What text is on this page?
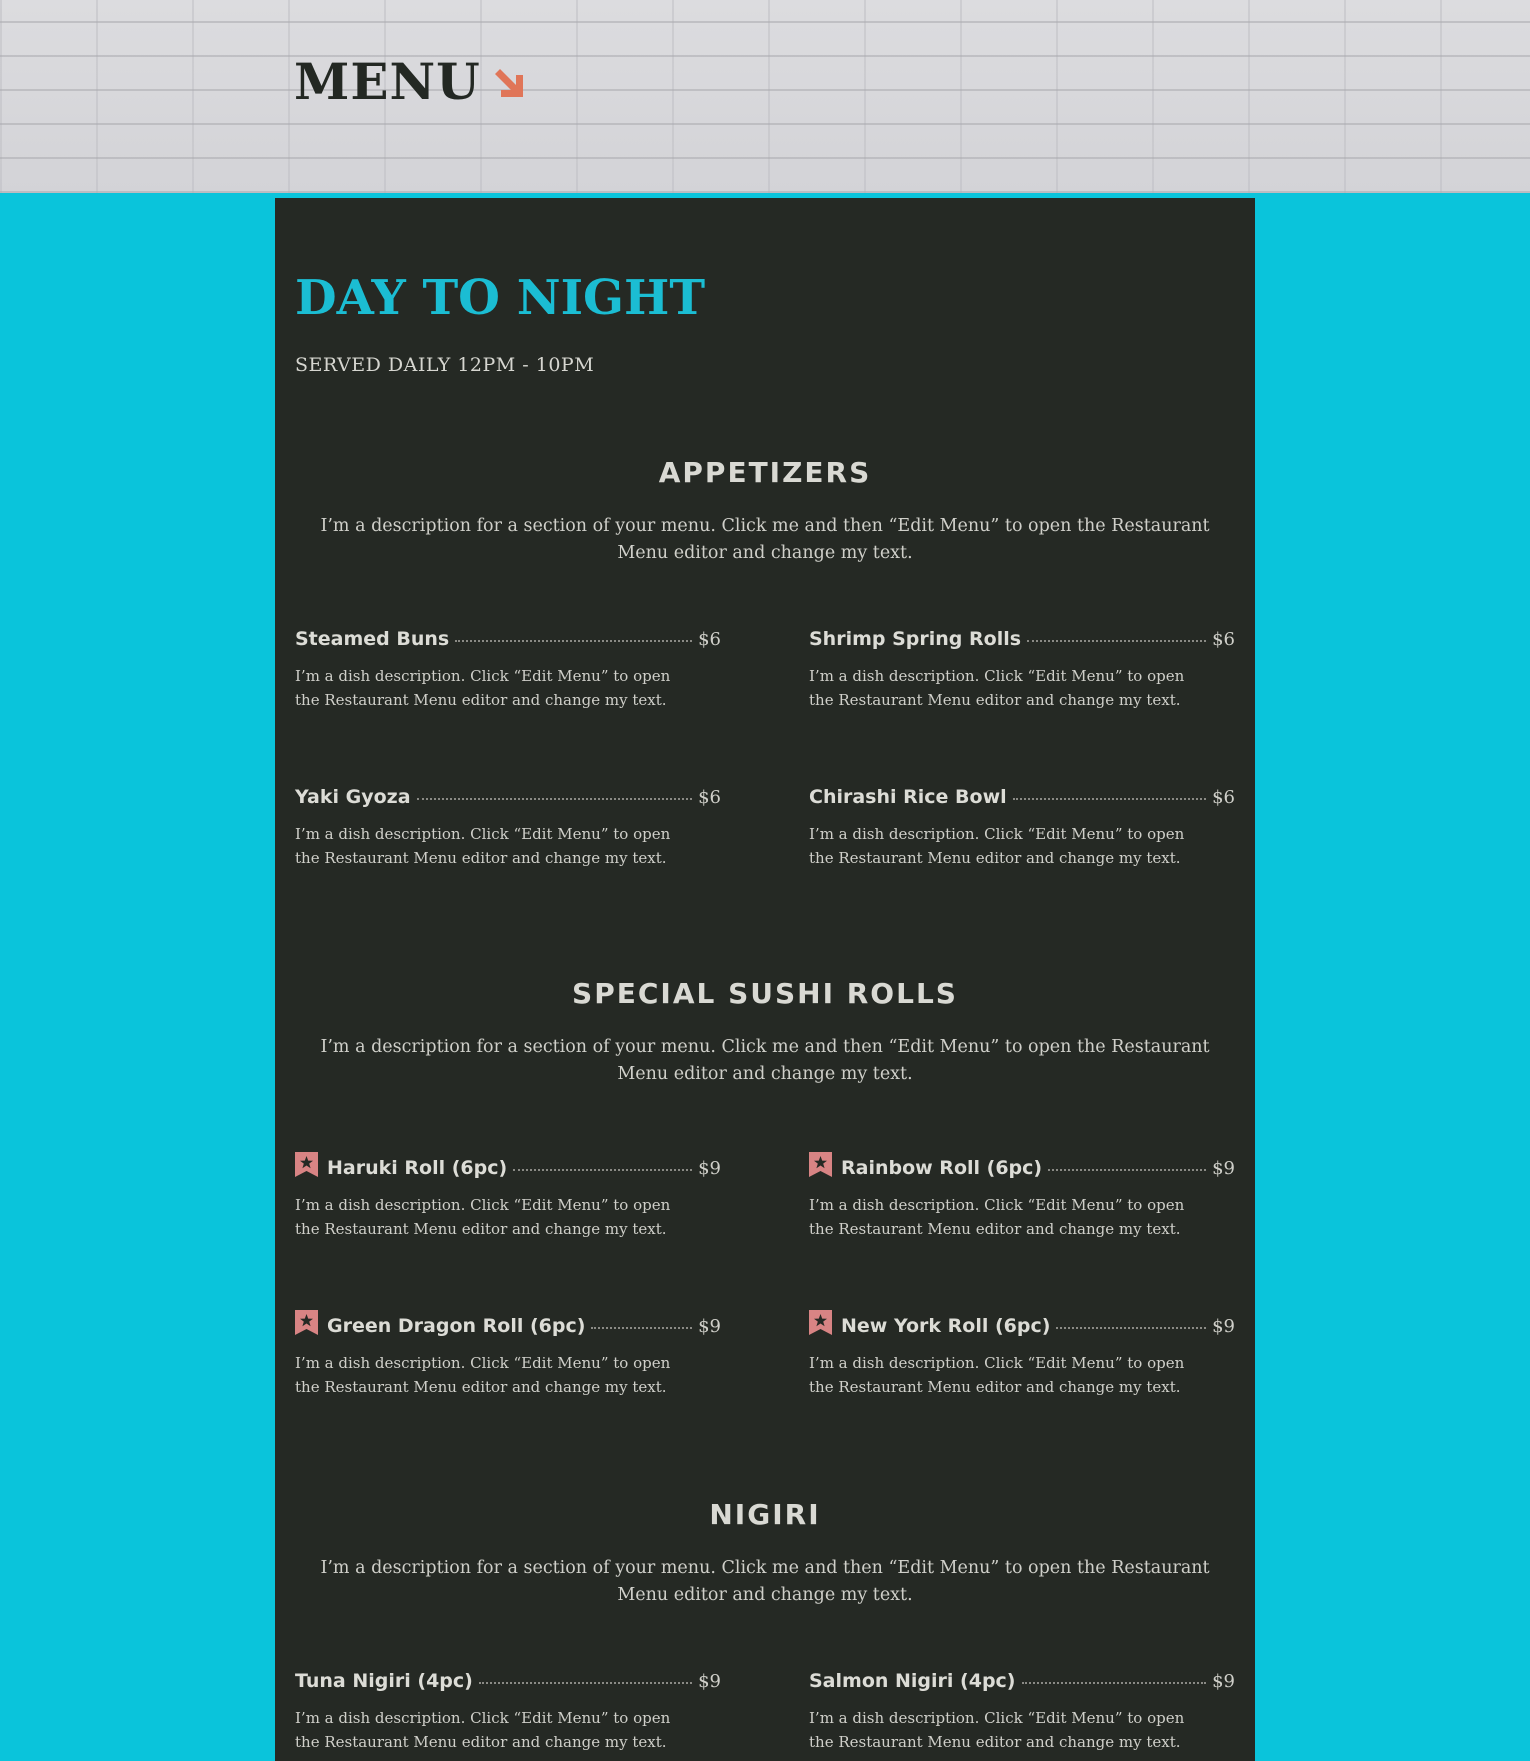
MENU
DAY TO NIGHT
SERVED DAILY 12PM - 10PM
APPETIZERS

I’m a description for a section of your menu. Click me and then “Edit Menu” to open the Restaurant Menu editor and change my text.

Steamed Buns	$6

I’m a dish description. Click “Edit Menu” to open the Restaurant Menu editor and change my text.

Shrimp Spring Rolls	$6

I’m a dish description. Click “Edit Menu” to open the Restaurant Menu editor and change my text.

Yaki Gyoza	$6

I’m a dish description. Click “Edit Menu” to open the Restaurant Menu editor and change my text.

Chirashi Rice Bowl	$6

I’m a dish description. Click “Edit Menu” to open the Restaurant Menu editor and change my text.

SPECIAL SUSHI ROLLS

I’m a description for a section of your menu. Click me and then “Edit Menu” to open the Restaurant Menu editor and change my text.

Haruki Roll (6pc)	$9

I’m a dish description. Click “Edit Menu” to open the Restaurant Menu editor and change my text.

Rainbow Roll (6pc)	$9

I’m a dish description. Click “Edit Menu” to open the Restaurant Menu editor and change my text.

Green Dragon Roll (6pc)	$9

I’m a dish description. Click “Edit Menu” to open the Restaurant Menu editor and change my text.

New York Roll (6pc)	$9

I’m a dish description. Click “Edit Menu” to open the Restaurant Menu editor and change my text.

NIGIRI

I’m a description for a section of your menu. Click me and then “Edit Menu” to open the Restaurant Menu editor and change my text.

Tuna Nigiri (4pc)	$9

I’m a dish description. Click “Edit Menu” to open the Restaurant Menu editor and change my text.

Salmon Nigiri (4pc)	$9

I’m a dish description. Click “Edit Menu” to open the Restaurant Menu editor and change my text.
